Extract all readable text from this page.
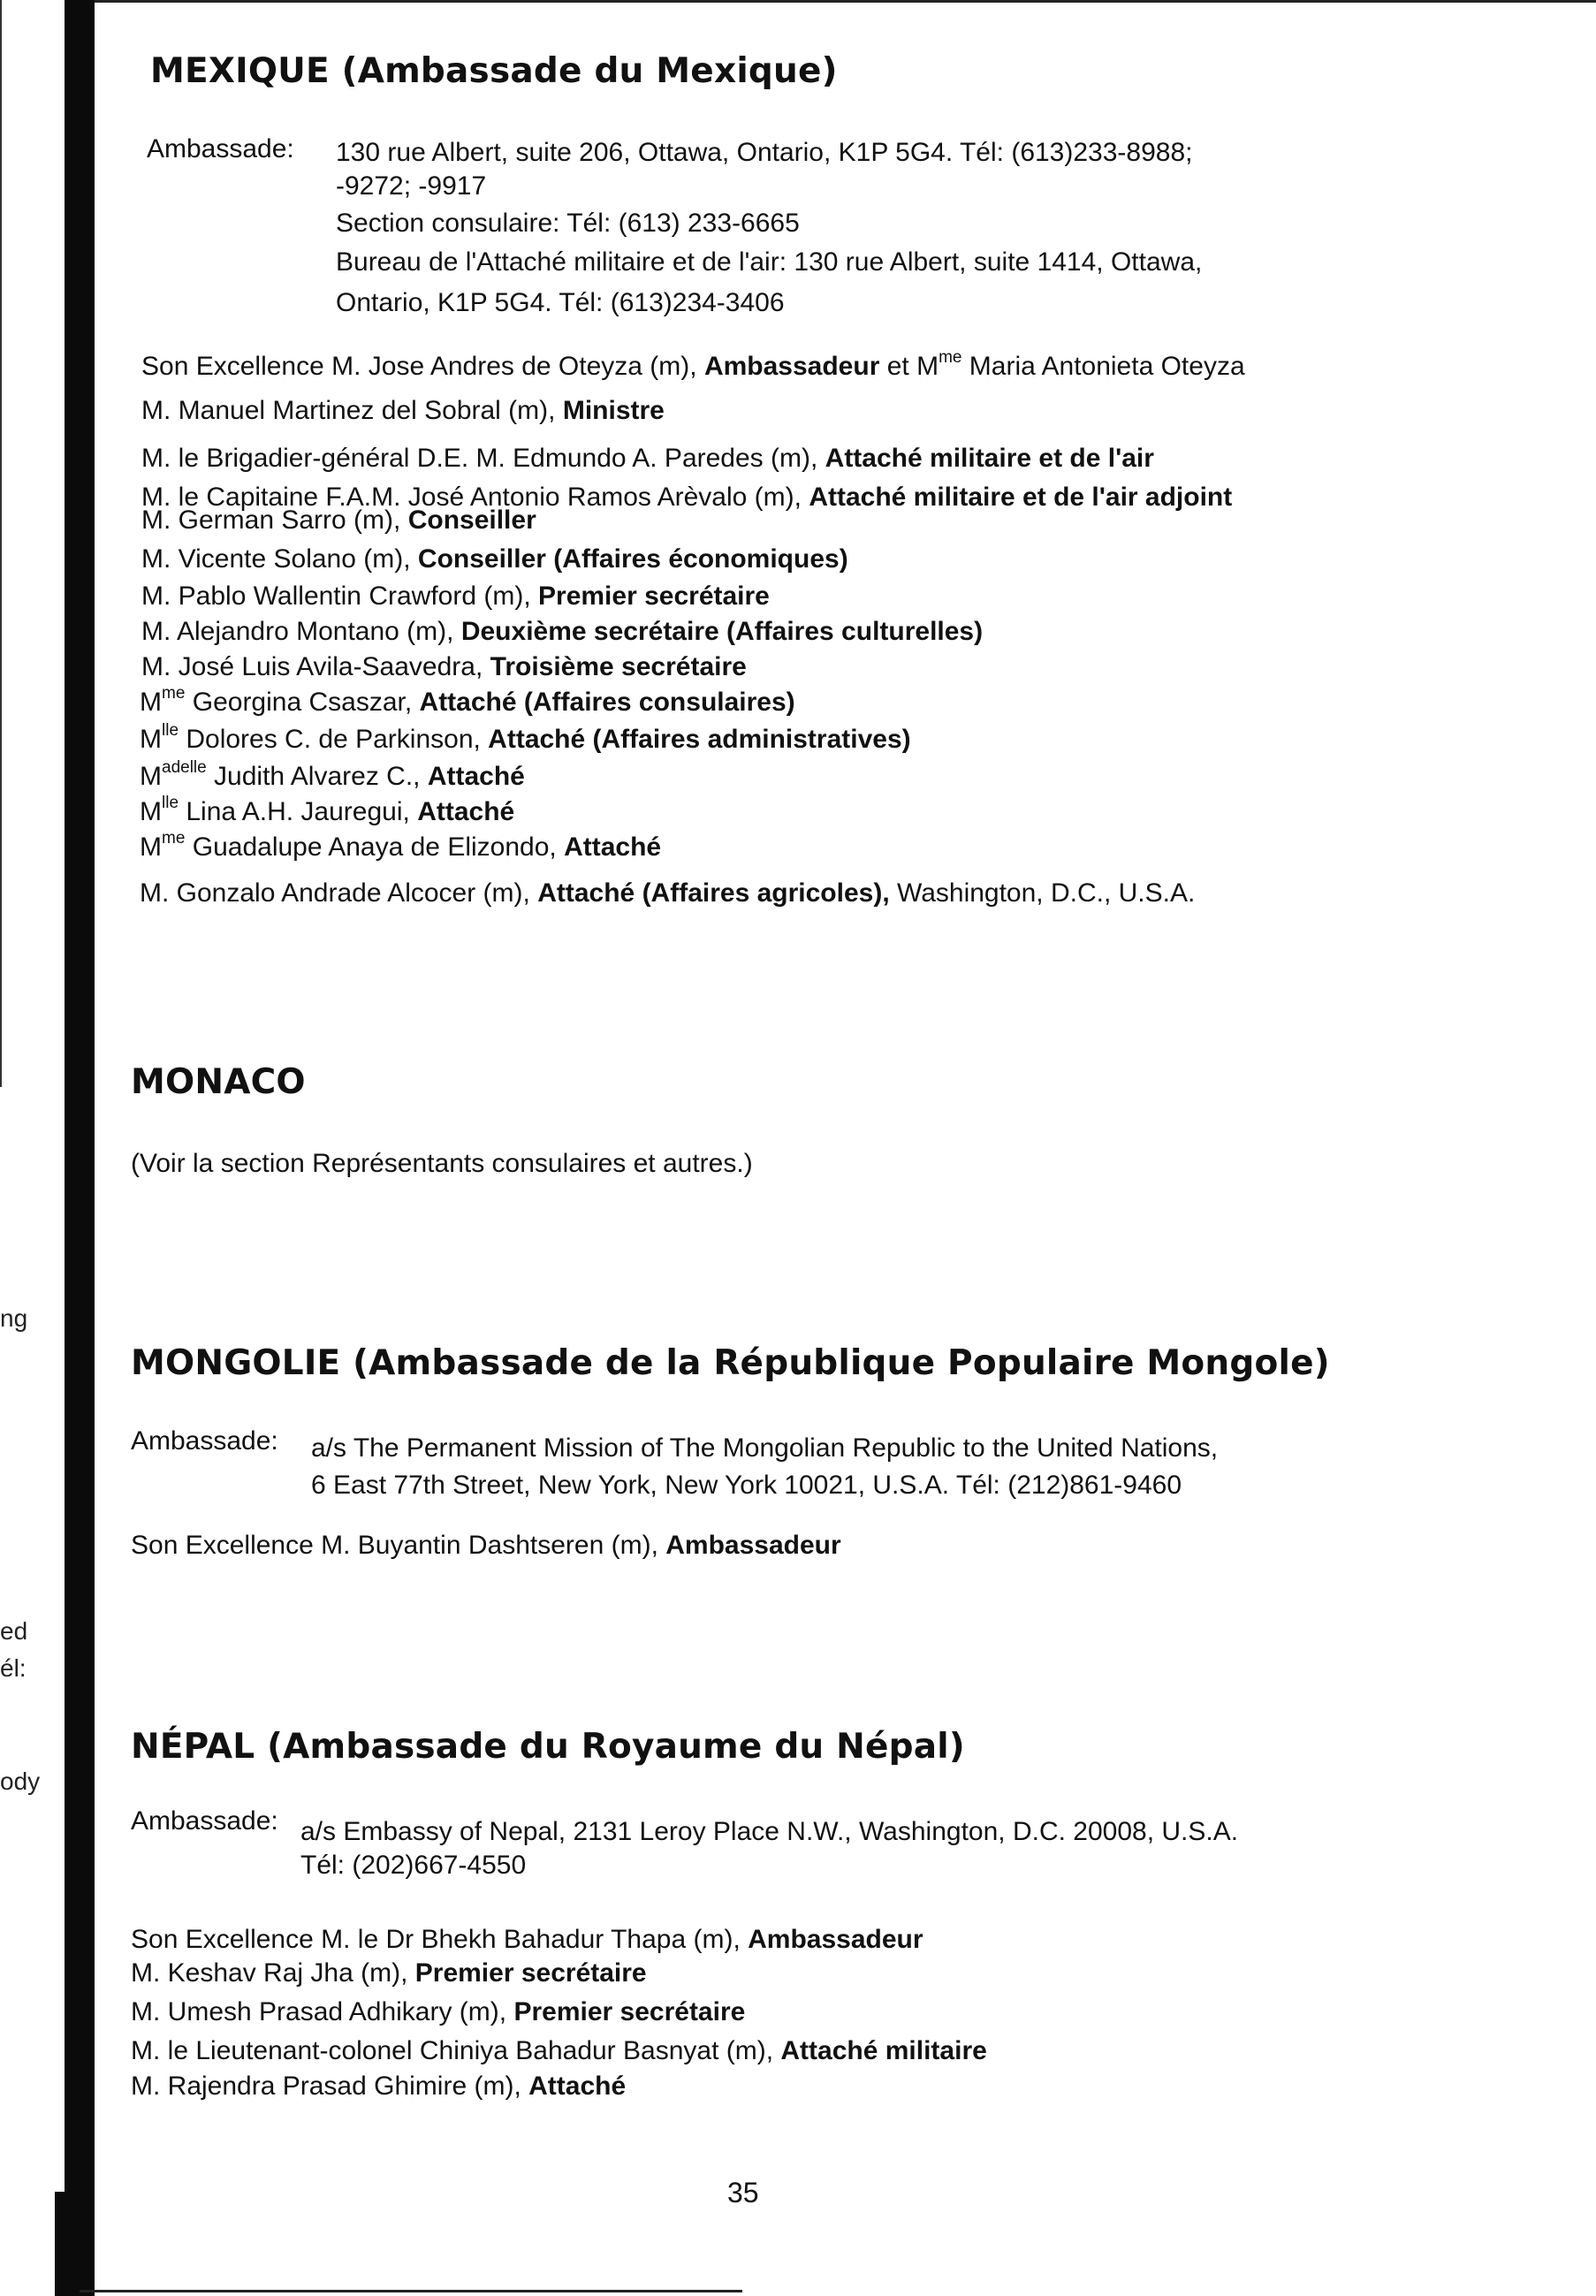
ng
ed
él:
ody
MEXIQUE (Ambassade du Mexique)
Ambassade: 130 rue Albert, suite 206, Ottawa, Ontario, K1P 5G4. Tél: (613)233-8988;
-9272; -9917
Section consulaire: Tél: (613) 233-6665
Bureau de l'Attaché militaire et de l'air: 130 rue Albert, suite 1414, Ottawa,
Ontario, K1P 5G4. Tél: (613)234-3406
Son Excellence M. Jose Andres de Oteyza (m), Ambassadeur et $M^{me}$ Maria Antonieta Oteyza
M. Manuel Martinez del Sobral (m), Ministre
M. le Brigadier-général D.E. M. Edmundo A. Paredes (m), Attaché militaire et de l'air
M. le Capitaine F.A.M. José Antonio Ramos Arèvalo (m), Attaché militaire et de l'air adjoint
M. German Sarro (m), Conseiller
M. Vicente Solano (m), Conseiller (Affaires économiques)
M. Pablo Wallentin Crawford (m), Premier secrétaire
M. Alejandro Montano (m), Deuxième secrétaire (Affaires culturelles)
M. José Luis Avila-Saavedra, Troisième secrétaire
$M^{me}$ Georgina Csaszar, Attaché (Affaires consulaires)
$M^{lle}$ Dolores C. de Parkinson, Attaché (Affaires administratives)
$M^{adelle}$ Judith Alvarez C., Attaché
$M^{lle}$ Lina A.H. Jauregui, Attaché
$M^{me}$ Guadalupe Anaya de Elizondo, Attaché
M. Gonzalo Andrade Alcocer (m), Attaché (Affaires agricoles), Washington, D.C., U.S.A.
MONACO
(Voir la section Représentants consulaires et autres.)
MONGOLIE (Ambassade de la République Populaire Mongole)
Ambassade: a/s The Permanent Mission of The Mongolian Republic to the United Nations,
6 East 77th Street, New York, New York 10021, U.S.A. Tél: (212)861-9460
Son Excellence M. Buyantin Dashtseren (m), Ambassadeur
NÉPAL (Ambassade du Royaume du Népal)
Ambassade: a/s Embassy of Nepal, 2131 Leroy Place N.W., Washington, D.C. 20008, U.S.A.
Tél: (202)667-4550
Son Excellence M. le Dr Bhekh Bahadur Thapa (m), Ambassadeur
M. Keshav Raj Jha (m), Premier secrétaire
M. Umesh Prasad Adhikary (m), Premier secrétaire
M. le Lieutenant-colonel Chiniya Bahadur Basnyat (m), Attaché militaire
M. Rajendra Prasad Ghimire (m), Attaché
35
